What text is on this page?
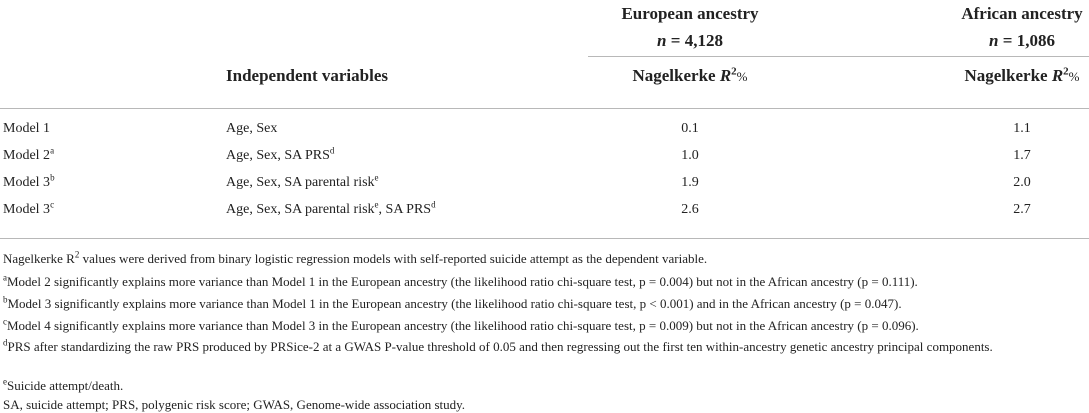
European ancestry
n = 4,128
African ancestry
n = 1,086
Independent variables	Nagelkerke $R^2\%$	Nagelkerke $R^2\%$
Model 1	Age, Sex	0.1	1.1
Model 2$^a$	Age, Sex, SA PRS$^d$	1.0	1.7
Model 3$^b$	Age, Sex, SA parental risk$^e$	1.9	2.0
Model 3$^c$	Age, Sex, SA parental risk$^e$, SA PRS$^d$	2.6	2.7
Nagelkerke $R^2$ values were derived from binary logistic regression models with self-reported suicide attempt as the dependent variable.
$^a$Model 2 significantly explains more variance than Model 1 in the European ancestry (the likelihood ratio chi-square test, p = 0.004) but not in the African ancestry (p = 0.111).
$^b$Model 3 significantly explains more variance than Model 1 in the European ancestry (the likelihood ratio chi-square test, p < 0.001) and in the African ancestry (p = 0.047).
$^c$Model 4 significantly explains more variance than Model 3 in the European ancestry (the likelihood ratio chi-square test, p = 0.009) but not in the African ancestry (p = 0.096).
$^d$PRS after standardizing the raw PRS produced by PRSice-2 at a GWAS P-value threshold of 0.05 and then regressing out the first ten within-ancestry genetic ancestry principal components.
$^e$Suicide attempt/death.
SA, suicide attempt; PRS, polygenic risk score; GWAS, Genome-wide association study.
